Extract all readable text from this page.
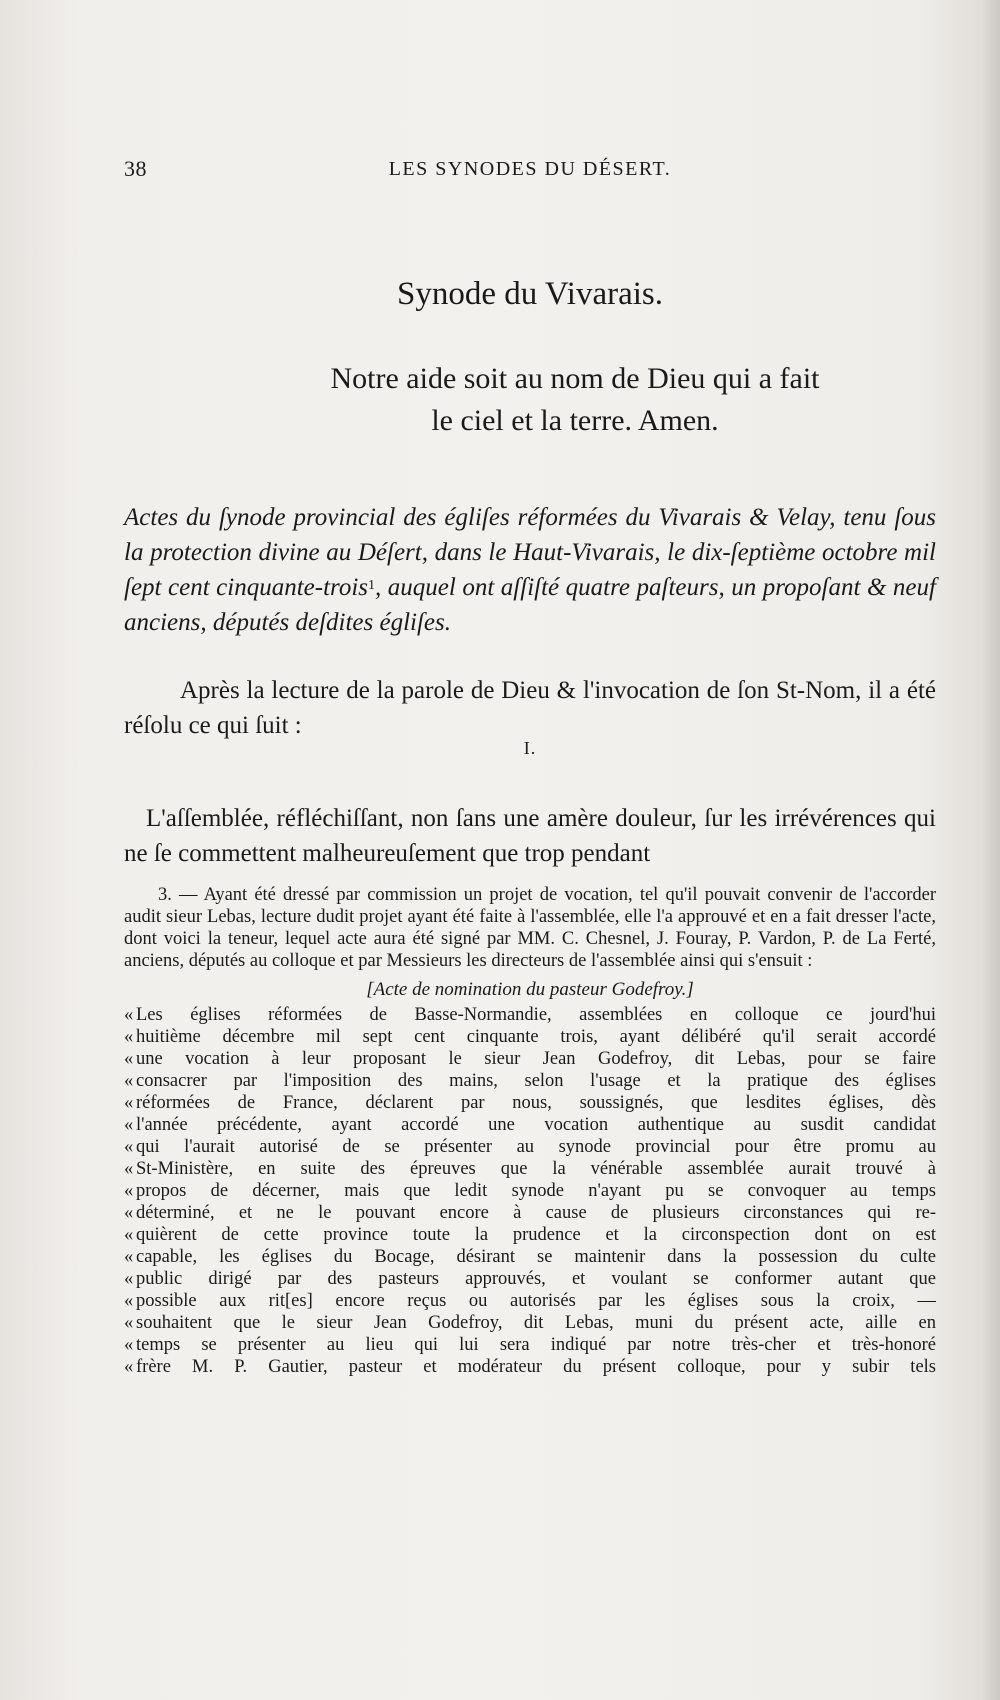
38	LES SYNODES DU DÉSERT.
Synode du Vivarais.
Notre aide soit au nom de Dieu qui a fait
le ciel et la terre. Amen.

Actes du ſynode provincial des égliſes réformées du Vivarais & Velay, tenu ſous la protection divine au Déſert, dans le Haut-Vivarais, le dix-ſeptième octobre mil ſept cent cinquante-trois$^1$, auquel ont aſſiſté quatre paſteurs, un propoſant & neuf anciens, députés deſdites égliſes.

Après la lecture de la parole de Dieu & l'invocation de ſon St-Nom, il a été réſolu ce qui ſuit :

I.

L'aſſemblée, réfléchiſſant, non ſans une amère douleur, ſur les irrévérences qui ne ſe commettent malheureuſement que trop pendant

3. — Ayant été dressé par commission un projet de vocation, tel qu'il pouvait convenir de l'accorder audit sieur Lebas, lecture dudit projet ayant été faite à l'assemblée, elle l'a approuvé et en a fait dresser l'acte, dont voici la teneur, lequel acte aura été signé par MM. C. Chesnel, J. Fouray, P. Vardon, P. de La Ferté, anciens, députés au colloque et par Messieurs les directeurs de l'assemblée ainsi qui s'ensuit :

[Acte de nomination du pasteur Godefroy.]
« Les églises réformées de Basse-Normandie, assemblées en colloque ce jourd'hui
« huitième décembre mil sept cent cinquante trois, ayant délibéré qu'il serait accordé
« une vocation à leur proposant le sieur Jean Godefroy, dit Lebas, pour se faire
« consacrer par l'imposition des mains, selon l'usage et la pratique des églises
« réformées de France, déclarent par nous, soussignés, que lesdites églises, dès
« l'année précédente, ayant accordé une vocation authentique au susdit candidat
« qui l'aurait autorisé de se présenter au synode provincial pour être promu au
« St-Ministère, en suite des épreuves que la vénérable assemblée aurait trouvé à
« propos de décerner, mais que ledit synode n'ayant pu se convoquer au temps
« déterminé, et ne le pouvant encore à cause de plusieurs circonstances qui re-
« quièrent de cette province toute la prudence et la circonspection dont on est
« capable, les églises du Bocage, désirant se maintenir dans la possession du culte
« public dirigé par des pasteurs approuvés, et voulant se conformer autant que
« possible aux rit[es] encore reçus ou autorisés par les églises sous la croix, —
« souhaitent que le sieur Jean Godefroy, dit Lebas, muni du présent acte, aille en
« temps se présenter au lieu qui lui sera indiqué par notre très-cher et très-honoré
« frère M. P. Gautier, pasteur et modérateur du présent colloque, pour y subir tels
